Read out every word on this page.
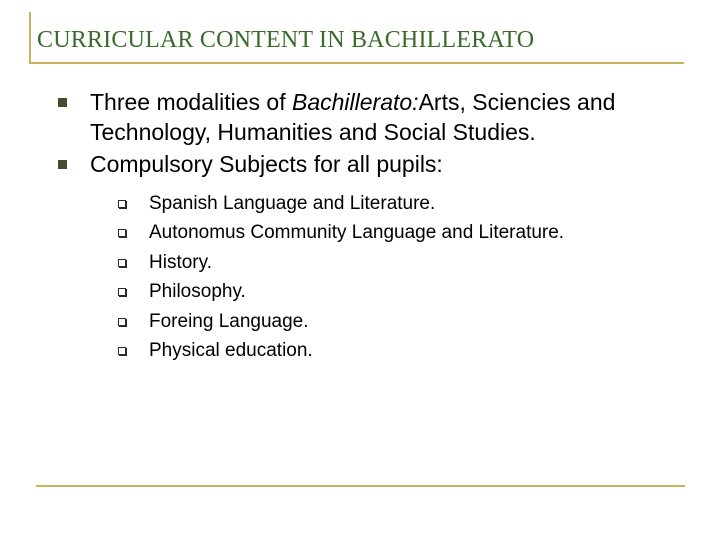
CURRICULAR CONTENT IN BACHILLERATO
Three modalities of Bachillerato:Arts, Sciencies and Technology, Humanities and Social Studies.
Compulsory Subjects for all pupils:
Spanish Language and Literature.
Autonomus Community Language and Literature.
History.
Philosophy.
Foreing Language.
Physical education.
